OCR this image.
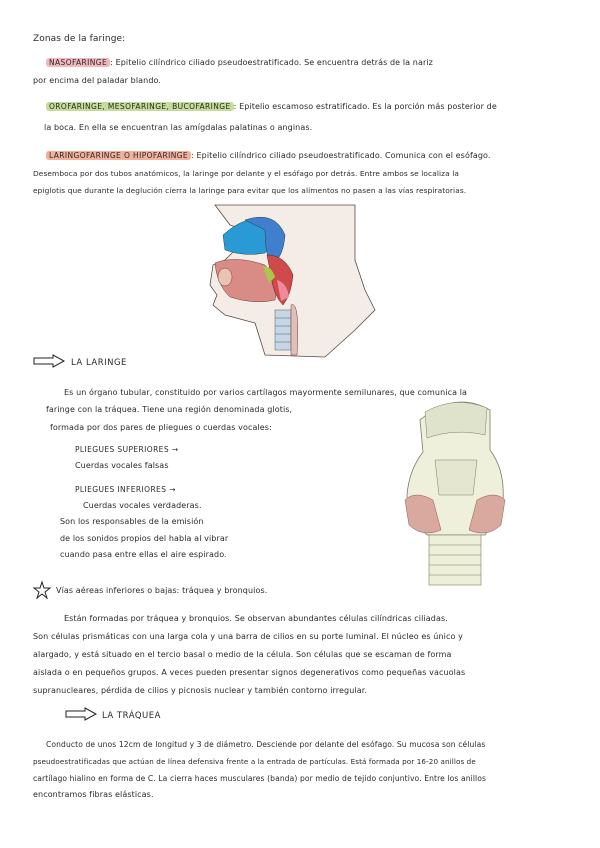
Zonas de la faringe:
NASOFARINGE : Epitelio cilíndrico ciliado pseudoestratificado. Se encuentra detrás de la nariz
por encima del paladar blando.
OROFARINGE, MESOFARINGE, BUCOFARINGE : Epitelio escamoso estratificado. Es la porción más posterior de
la boca. En ella se encuentran las amígdalas palatinas o anginas.
LARINGOFARINGE O HIPOFARINGE : Epitelio cilíndrico ciliado pseudoestratificado. Comunica con el esófago.
Desemboca por dos tubos anatómicos, la laringe por delante y el esófago por detrás. Entre ambos se localiza la
epiglotis que durante la deglución cierra la laringe para evitar que los alimentos no pasen a las vías respiratorias.
LA LARINGE
Es un órgano tubular, constituido por varios cartílagos mayormente semilunares, que comunica la
faringe con la tráquea. Tiene una región denominada glotis,
formada por dos pares de pliegues o cuerdas vocales:
PLIEGUES SUPERIORES →
Cuerdas vocales falsas
PLIEGUES INFERIORES →
Cuerdas vocales verdaderas.
Son los responsables de la emisión
de los sonidos propios del habla al vibrar
cuando pasa entre ellas el aire espirado.
Vías aéreas inferiores o bajas: tráquea y bronquios.
Están formadas por tráquea y bronquios. Se observan abundantes células cilíndricas ciliadas.
Son células prismáticas con una larga cola y una barra de cilios en su porte luminal. El núcleo es único y
alargado, y está situado en el tercio basal o medio de la célula. Son células que se escaman de forma
aislada o en pequeños grupos. A veces pueden presentar signos degenerativos como pequeñas vacuolas
supranucleares, pérdida de cilios y picnosis nuclear y también contorno irregular.
LA TRÁQUEA
Conducto de unos 12cm de longitud y 3 de diámetro. Desciende por delante del esófago. Su mucosa son células
pseudoestratificadas que actúan de línea defensiva frente a la entrada de partículas. Está formada por 16-20 anillos de
cartílago hialino en forma de C. La cierra haces musculares (banda) por medio de tejido conjuntivo. Entre los anillos
encontramos fibras elásticas.
